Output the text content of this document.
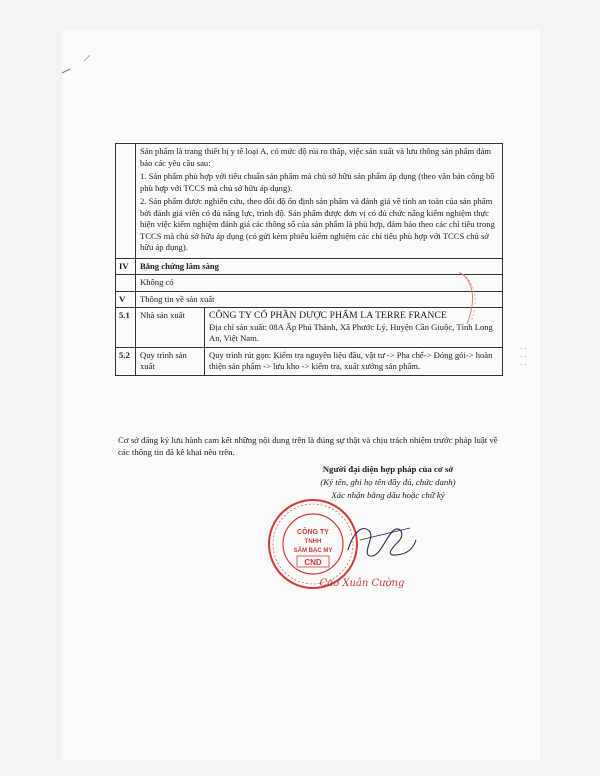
	Sản phẩm là trang thiết bị y tế loại A, có mức độ rủi ro thấp, việc sản xuất và lưu thông sản phẩm đảm bảo các yêu cầu sau:

1. Sản phẩm phù hợp với tiêu chuẩn sản phẩm mà chủ sở hữu sản phẩm áp dụng (theo văn bản công bố phù hợp với TCCS mà chủ sở hữu áp dụng).

2. Sản phẩm được nghiên cứu, theo dõi độ ổn định sản phẩm và đánh giá về tính an toàn của sản phẩm bởi đánh giá viên có đủ năng lực, trình độ. Sản phẩm được đơn vị có đủ chức năng kiểm nghiệm thực hiện việc kiểm nghiệm đánh giá các thông số của sản phẩm là phù hợp, đảm bảo theo các chỉ tiêu trong TCCS mà chủ sở hữu áp dụng (có gửi kèm phiếu kiểm nghiệm các chỉ tiêu phù hợp với TCCS chủ sở hữu áp dụng).	

IV	Bằng chứng lâm sàng	
	Không có	
V	Thông tin về sản xuất	
5.1	Nhà sản xuất	CÔNG TY CỔ PHẦN DƯỢC PHẨM LA TERRE FRANCE
Địa chỉ sản xuất: 08A Ấp Phú Thành, Xã Phước Lý, Huyện Cần Giuộc, Tỉnh Long An, Việt Nam.

5.2	Quy trình sản xuất	Quy trình rút gọn: Kiểm tra nguyên liệu đầu, vật tư -> Pha chế-> Đóng gói-> hoàn thiện sản phẩm -> lưu kho -> kiểm tra, xuất xưởng sản phẩm.
Cơ sở đăng ký lưu hành cam kết những nội dung trên là đúng sự thật và chịu trách nhiệm trước pháp luật về các thông tin đã kê khai nêu trên.
Người đại diện hợp pháp của cơ sở
(Ký tên, ghi họ tên đầy đủ, chức danh)
Xác nhận bằng dấu hoặc chữ ký
CÔNG TY
TNHH
SÂM BẠC MY
CND
Cao Xuân Cường
· ·
· ·
· ·
